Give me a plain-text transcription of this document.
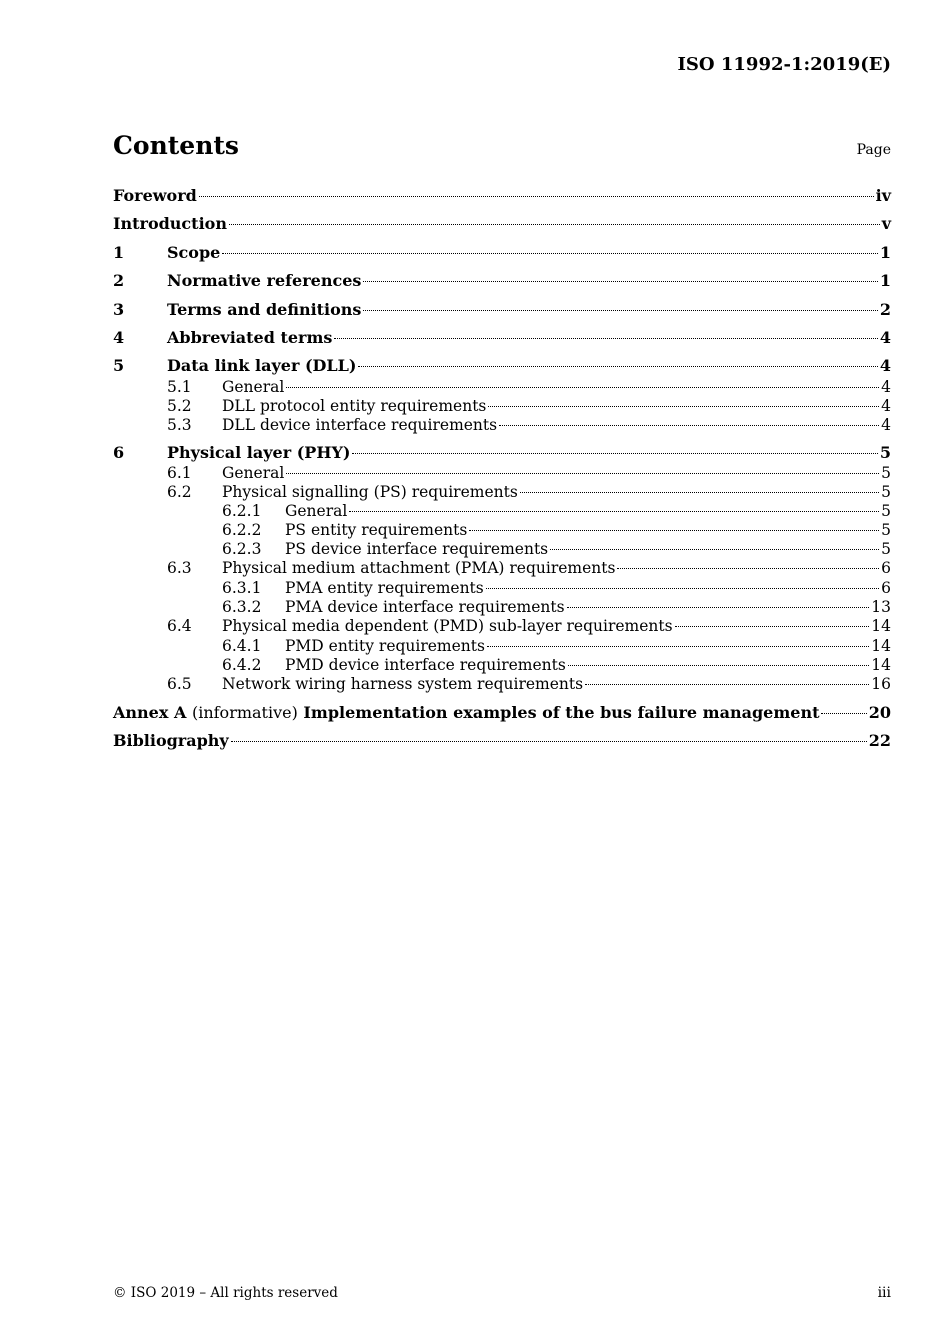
ISO 11992-1:2019(E)
Contents	Page
Foreword	iv
Introduction	v
1	Scope	1
2	Normative references	1
3	Terms and definitions	2
4	Abbreviated terms	4
5	Data link layer (DLL)	4
5.1	General	4
5.2	DLL protocol entity requirements	4
5.3	DLL device interface requirements	4
6	Physical layer (PHY)	5
6.1	General	5
6.2	Physical signalling (PS) requirements	5
6.2.1	General	5
6.2.2	PS entity requirements	5
6.2.3	PS device interface requirements	5
6.3	Physical medium attachment (PMA) requirements	6
6.3.1	PMA entity requirements	6
6.3.2	PMA device interface requirements	13
6.4	Physical media dependent (PMD) sub-layer requirements	14
6.4.1	PMD entity requirements	14
6.4.2	PMD device interface requirements	14
6.5	Network wiring harness system requirements	16
Annex A (informative) Implementation examples of the bus failure management	20
Bibliography	22
© ISO 2019 – All rights reserved	iii
